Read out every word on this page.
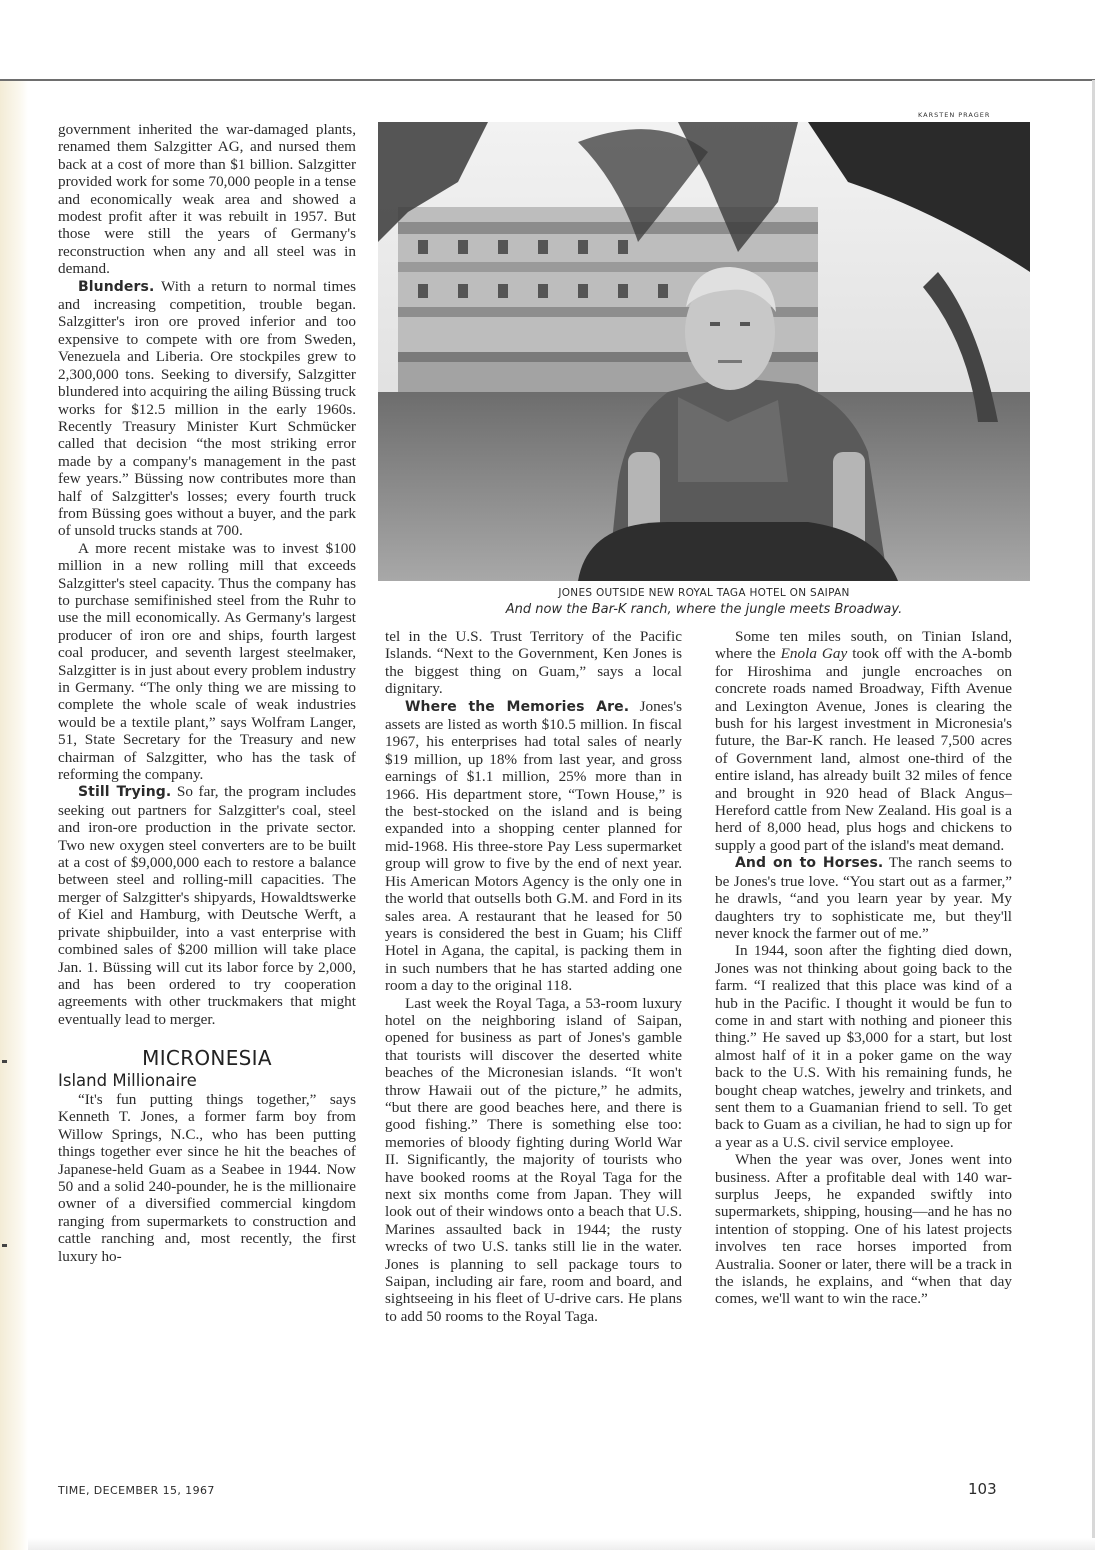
government inherited the war-damaged plants, renamed them Salzgitter AG, and nursed them back at a cost of more than $1 billion. Salzgitter provided work for some 70,000 people in a tense and economically weak area and showed a modest profit after it was rebuilt in 1957. But those were still the years of Germany's reconstruction when any and all steel was in demand.

Blunders. With a return to normal times and increasing competition, trouble began. Salzgitter's iron ore proved inferior and too expensive to compete with ore from Sweden, Venezuela and Liberia. Ore stockpiles grew to 2,300,000 tons. Seeking to diversify, Salzgitter blundered into acquiring the ailing Büssing truck works for $12.5 million in the early 1960s. Recently Treasury Minister Kurt Schmücker called that decision “the most striking error made by a company's management in the past few years.” Büssing now contributes more than half of Salzgitter's losses; every fourth truck from Büssing goes without a buyer, and the park of unsold trucks stands at 700.

A more recent mistake was to invest $100 million in a new rolling mill that exceeds Salzgitter's steel capacity. Thus the company has to purchase semifinished steel from the Ruhr to use the mill economically. As Germany's largest producer of iron ore and ships, fourth largest coal producer, and seventh largest steelmaker, Salzgitter is in just about every problem industry in Germany. “The only thing we are missing to complete the whole scale of weak industries would be a textile plant,” says Wolfram Langer, 51, State Secretary for the Treasury and new chairman of Salzgitter, who has the task of reforming the company.

Still Trying. So far, the program includes seeking out partners for Salzgitter's coal, steel and iron-ore production in the private sector. Two new oxygen steel converters are to be built at a cost of $9,000,000 each to restore a balance between steel and rolling-mill capacities. The merger of Salzgitter's shipyards, Howaldtswerke of Kiel and Hamburg, with Deutsche Werft, a private shipbuilder, into a vast enterprise with combined sales of $200 million will take place Jan. 1. Büssing will cut its labor force by 2,000, and has been ordered to try cooperation agreements with other truckmakers that might eventually lead to merger.

MICRONESIA
Island Millionaire

“It's fun putting things together,” says Kenneth T. Jones, a former farm boy from Willow Springs, N.C., who has been putting things together ever since he hit the beaches of Japanese-held Guam as a Seabee in 1944. Now 50 and a solid 240-pounder, he is the millionaire owner of a diversified commercial kingdom ranging from supermarkets to construction and cattle ranching and, most recently, the first luxury ho-

KARSTEN PRAGER
JONES OUTSIDE NEW ROYAL TAGA HOTEL ON SAIPAN
And now the Bar-K ranch, where the jungle meets Broadway.

tel in the U.S. Trust Territory of the Pacific Islands. “Next to the Government, Ken Jones is the biggest thing on Guam,” says a local dignitary.

Where the Memories Are. Jones's assets are listed as worth $10.5 million. In fiscal 1967, his enterprises had total sales of nearly $19 million, up 18% from last year, and gross earnings of $1.1 million, 25% more than in 1966. His department store, “Town House,” is the best-stocked on the island and is being expanded into a shopping center planned for mid-1968. His three-store Pay Less supermarket group will grow to five by the end of next year. His American Motors Agency is the only one in the world that outsells both G.M. and Ford in its sales area. A restaurant that he leased for 50 years is considered the best in Guam; his Cliff Hotel in Agana, the capital, is packing them in in such numbers that he has started adding one room a day to the original 118.

Last week the Royal Taga, a 53-room luxury hotel on the neighboring island of Saipan, opened for business as part of Jones's gamble that tourists will discover the deserted white beaches of the Micronesian islands. “It won't throw Hawaii out of the picture,” he admits, “but there are good beaches here, and there is good fishing.” There is something else too: memories of bloody fighting during World War II. Significantly, the majority of tourists who have booked rooms at the Royal Taga for the next six months come from Japan. They will look out of their windows onto a beach that U.S. Marines assaulted back in 1944; the rusty wrecks of two U.S. tanks still lie in the water. Jones is planning to sell package tours to Saipan, including air fare, room and board, and sightseeing in his fleet of U-drive cars. He plans to add 50 rooms to the Royal Taga.

Some ten miles south, on Tinian Island, where the Enola Gay took off with the A-bomb for Hiroshima and jungle encroaches on concrete roads named Broadway, Fifth Avenue and Lexington Avenue, Jones is clearing the bush for his largest investment in Micronesia's future, the Bar-K ranch. He leased 7,500 acres of Government land, almost one-third of the entire island, has already built 32 miles of fence and brought in 920 head of Black Angus–Hereford cattle from New Zealand. His goal is a herd of 8,000 head, plus hogs and chickens to supply a good part of the island's meat demand.

And on to Horses. The ranch seems to be Jones's true love. “You start out as a farmer,” he drawls, “and you learn year by year. My daughters try to sophisticate me, but they'll never knock the farmer out of me.”

In 1944, soon after the fighting died down, Jones was not thinking about going back to the farm. “I realized that this place was kind of a hub in the Pacific. I thought it would be fun to come in and start with nothing and pioneer this thing.” He saved up $3,000 for a start, but lost almost half of it in a poker game on the way back to the U.S. With his remaining funds, he bought cheap watches, jewelry and trinkets, and sent them to a Guamanian friend to sell. To get back to Guam as a civilian, he had to sign up for a year as a U.S. civil service employee.

When the year was over, Jones went into business. After a profitable deal with 140 war-surplus Jeeps, he expanded swiftly into supermarkets, shipping, housing—and he has no intention of stopping. One of his latest projects involves ten race horses imported from Australia. Sooner or later, there will be a track in the islands, he explains, and “when that day comes, we'll want to win the race.”

TIME, DECEMBER 15, 1967	103
